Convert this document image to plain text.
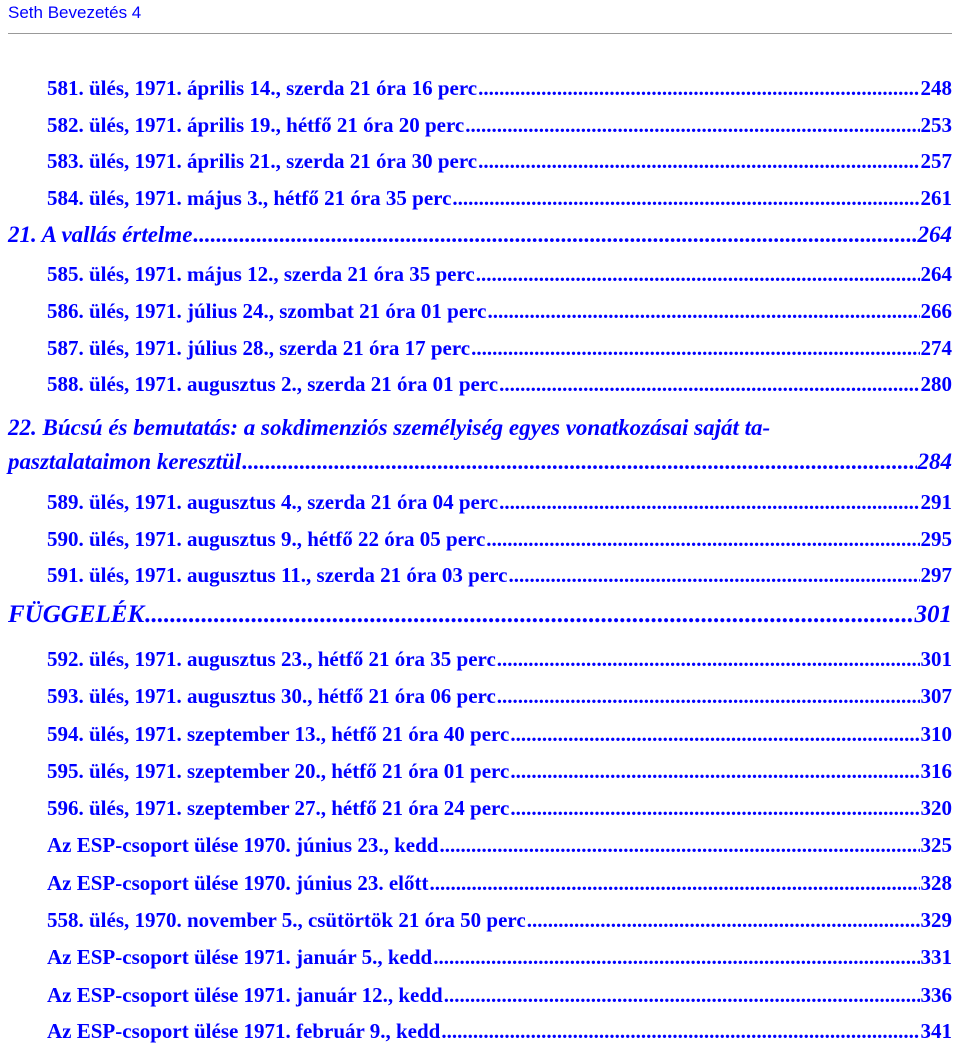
Seth Bevezetés 4
581. ülés, 1971. április 14., szerda 21 óra 16 perc .....	248
582. ülés, 1971. április 19., hétfő 21 óra 20 perc .....	253
583. ülés, 1971. április 21., szerda 21 óra 30 perc .....	257
584. ülés, 1971. május 3., hétfő 21 óra 35 perc .....	261
21. A vallás értelme .....	264
585. ülés, 1971. május 12., szerda 21 óra 35 perc .....	264
586. ülés, 1971. július 24., szombat 21 óra 01 perc .....	266
587. ülés, 1971. július 28., szerda 21 óra 17 perc .....	274
588. ülés, 1971. augusztus 2., szerda 21 óra 01 perc .....	280
22. Búcsú és bemutatás: a sokdimenziós személyiség egyes vonatkozásai saját ta-
pasztalataimon keresztül .....	284
589. ülés, 1971. augusztus 4., szerda 21 óra 04 perc .....	291
590. ülés, 1971. augusztus 9., hétfő 22 óra 05 perc .....	295
591. ülés, 1971. augusztus 11., szerda 21 óra 03 perc .....	297
FÜGGELÉK .....	301
592. ülés, 1971. augusztus 23., hétfő 21 óra 35 perc .....	301
593. ülés, 1971. augusztus 30., hétfő 21 óra 06 perc .....	307
594. ülés, 1971. szeptember 13., hétfő 21 óra 40 perc .....	310
595. ülés, 1971. szeptember 20., hétfő 21 óra 01 perc .....	316
596. ülés, 1971. szeptember 27., hétfő 21 óra 24 perc .....	320
Az ESP-csoport ülése 1970. június 23., kedd .....	325
Az ESP-csoport ülése 1970. június 23. előtt .....	328
558. ülés, 1970. november 5., csütörtök 21 óra 50 perc .....	329
Az ESP-csoport ülése 1971. január 5., kedd .....	331
Az ESP-csoport ülése 1971. január 12., kedd .....	336
Az ESP-csoport ülése 1971. február 9., kedd .....	341
